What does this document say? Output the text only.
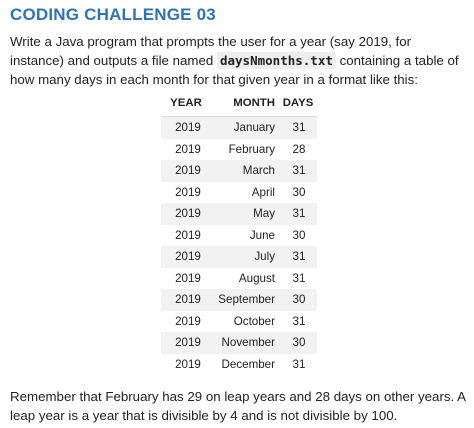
CODING CHALLENGE 03

Write a Java program that prompts the user for a year (say 2019, for instance) and outputs a file named daysNmonths.txt containing a table of how many days in each month for that given year in a format like this:

YEAR	MONTH	DAYS
2019	January	31
2019	February	28
2019	March	31
2019	April	30
2019	May	31
2019	June	30
2019	July	31
2019	August	31
2019	September	30
2019	October	31
2019	November	30
2019	December	31

Remember that February has 29 on leap years and 28 days on other years. A leap year is a year that is divisible by 4 and is not divisible by 100.
